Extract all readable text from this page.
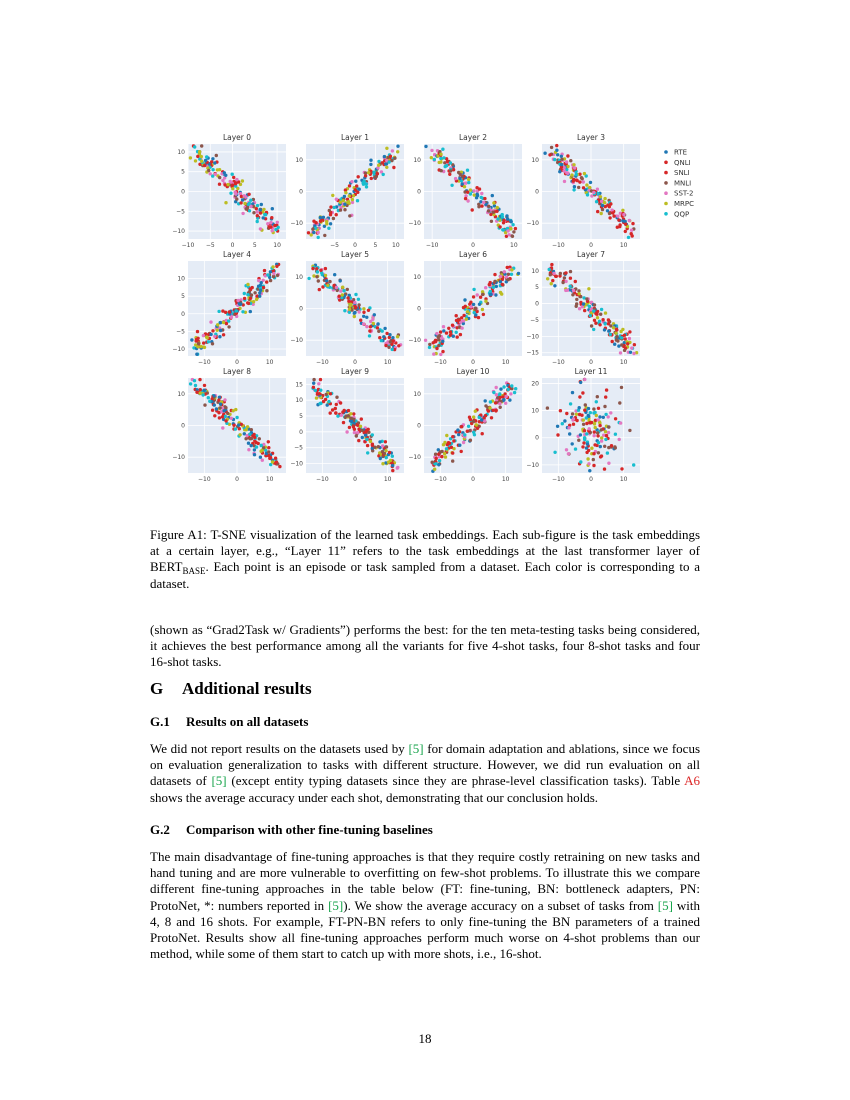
Layer 0
−10 −5	0	5	10
10
5
0
−5
−10
Layer 1
−5 0	5 10
10
0
−10
Layer 2
−10	0	10
10
0
−10
Layer 3
−10	0	10
10
0
−10
Layer 4
−10	0	10
10
5
0
−5
−10
Layer 5
−10	0	10
10
0
−10
Layer 6
−10	0	10
10
0
−10
Layer 7
−10	0	10
10
5
0
−5
−10
−15
Layer 8
−10	0	10
10
0
−10
Layer 9
−10	0	10
15
10
5
0
−5
−10
Layer 10
−10	0	10
10
0
−10
Layer 11
−10	0	10
20
10
0
−10
RTE
QNLI
SNLI
MNLI
SST-2
MRPC
QQP
Figure A1: T-SNE visualization of the learned task embeddings. Each sub-figure is the task embeddings at a certain layer, e.g., “Layer 11” refers to the task embeddings at the last transformer layer of $BERT_{BASE}$. Each point is an episode or task sampled from a dataset. Each color is corresponding to a dataset.

(shown as “Grad2Task w/ Gradients”) performs the best: for the ten meta-testing tasks being considered, it achieves the best performance among all the variants for five 4-shot tasks, four 8-shot tasks and four 16-shot tasks.

G Additional results
G.1 Results on all datasets

We did not report results on the datasets used by [5] for domain adaptation and ablations, since we focus on evaluation generalization to tasks with different structure. However, we did run evaluation on all datasets of [5] (except entity typing datasets since they are phrase-level classification tasks). Table A6 shows the average accuracy under each shot, demonstrating that our conclusion holds.

G.2 Comparison with other fine-tuning baselines

The main disadvantage of fine-tuning approaches is that they require costly retraining on new tasks and hand tuning and are more vulnerable to overfitting on few-shot problems. To illustrate this we compare different fine-tuning approaches in the table below (FT: fine-tuning, BN: bottleneck adapters, PN: ProtoNet, *: numbers reported in [5]). We show the average accuracy on a subset of tasks from [5] with 4, 8 and 16 shots. For example, FT-PN-BN refers to only fine-tuning the BN parameters of a trained ProtoNet. Results show all fine-tuning approaches perform much worse on 4-shot problems than our method, while some of them start to catch up with more shots, i.e., 16-shot.

18
